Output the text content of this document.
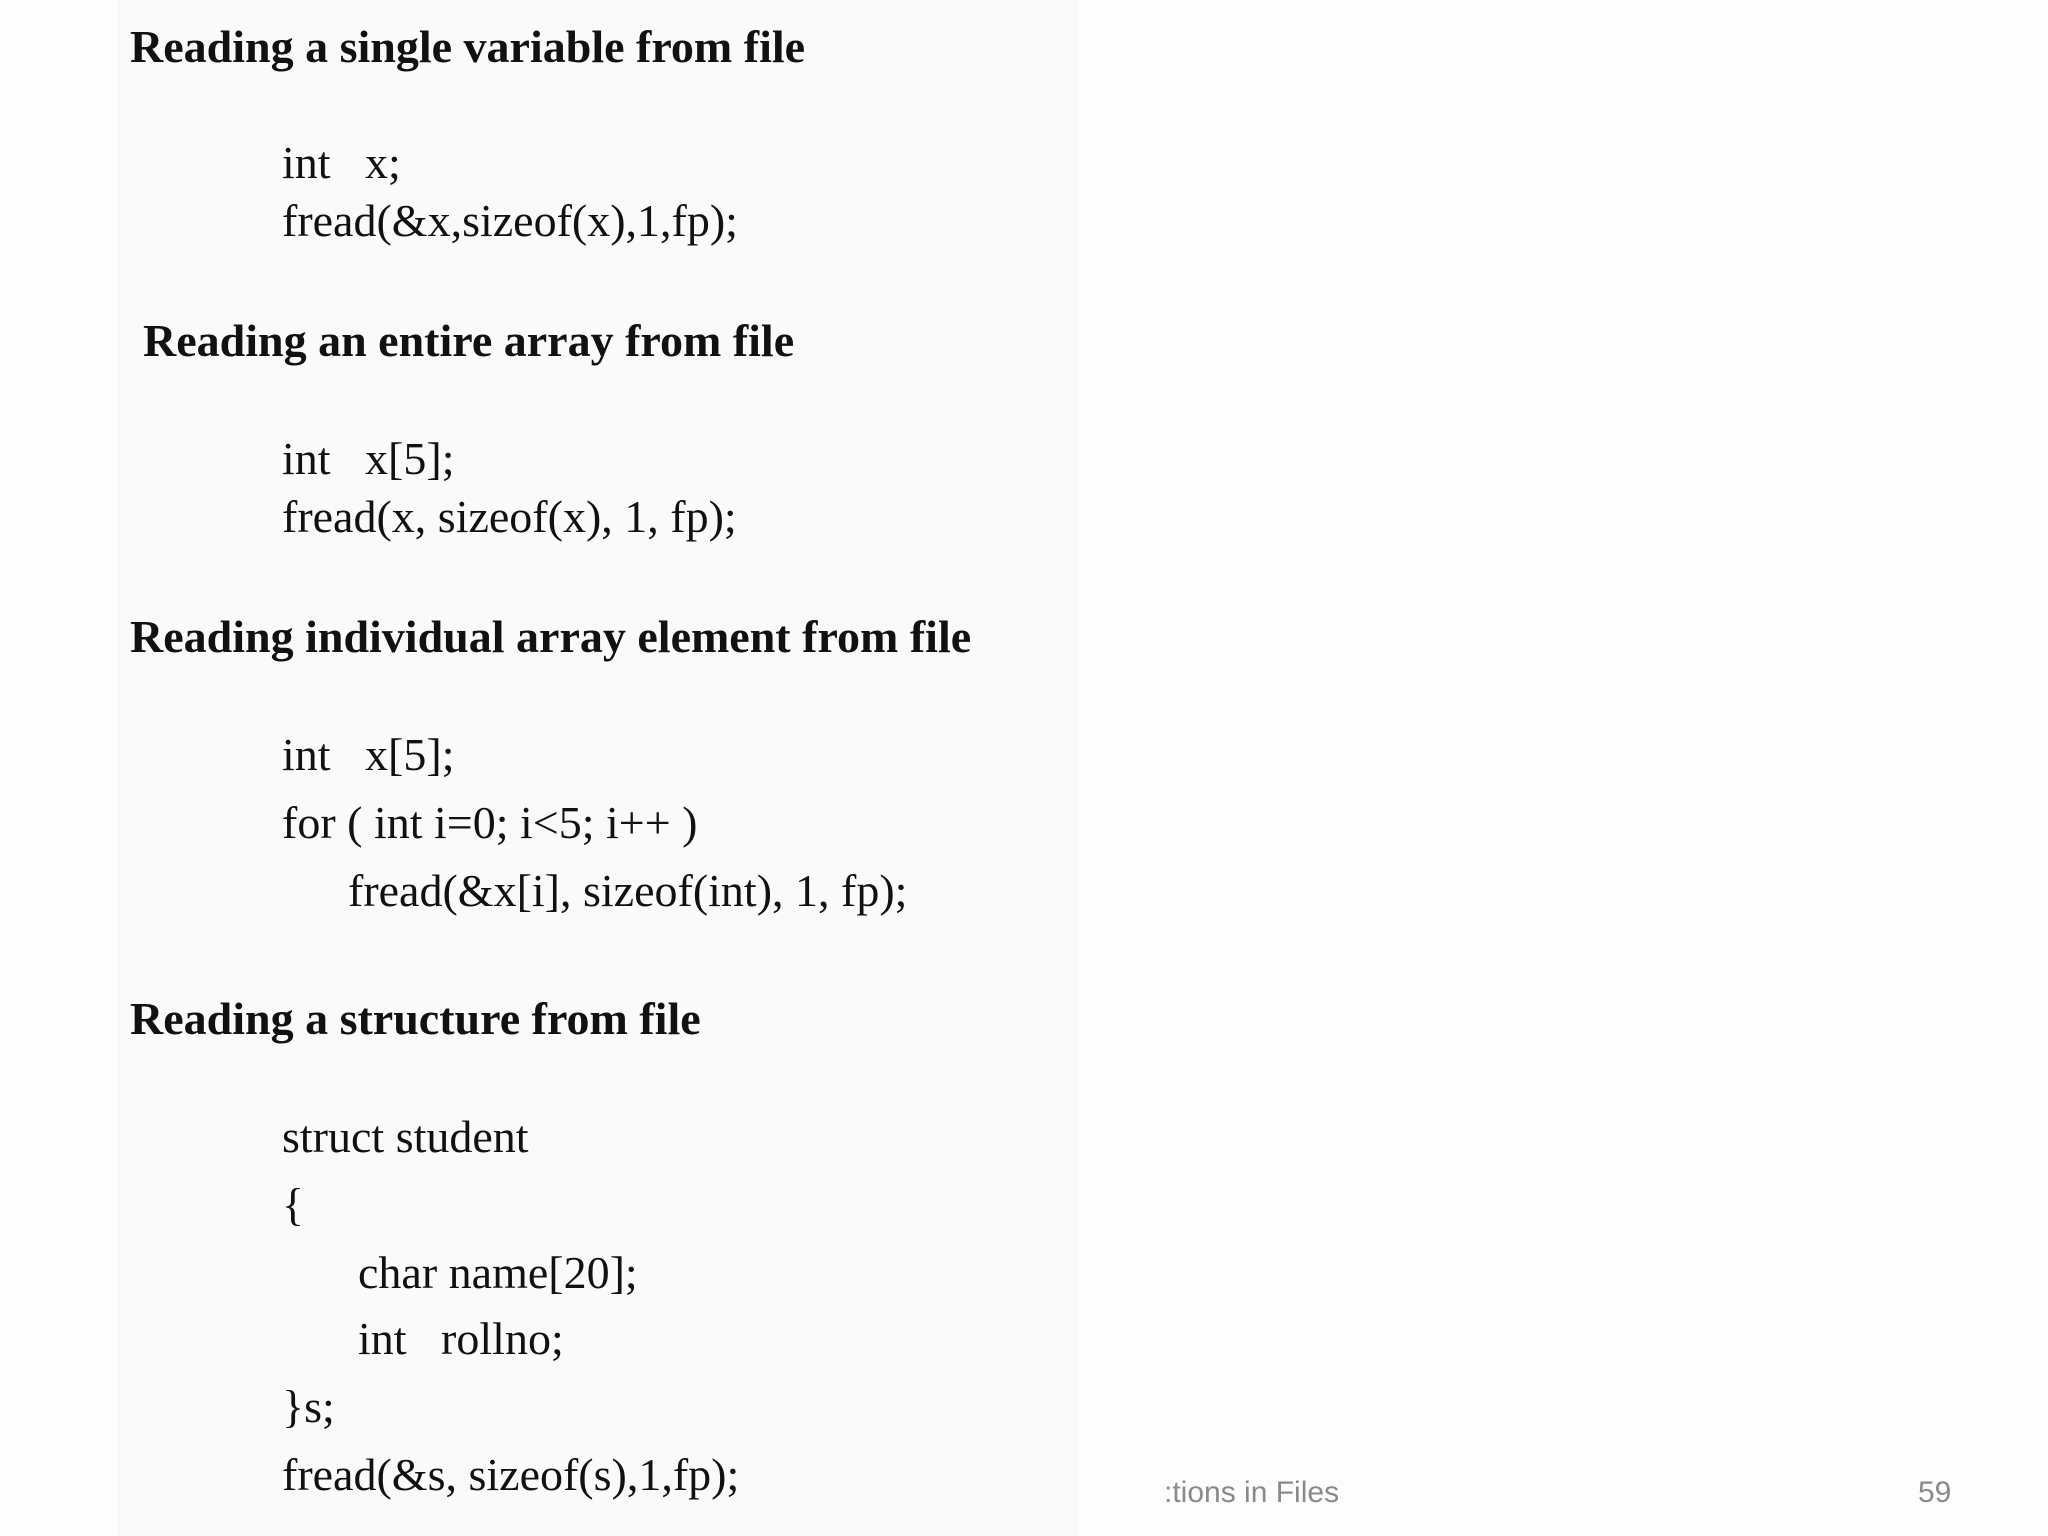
Reading a single variable from file
int   x;
fread(&x,sizeof(x),1,fp);
Reading an entire array from file
int   x[5];
fread(x, sizeof(x), 1, fp);
Reading individual array element from file
int   x[5];
for ( int i=0; i<5; i++ )
fread(&x[i], sizeof(int), 1, fp);
Reading a structure from file
struct student
{
char name[20];
int   rollno;
}s;
fread(&s, sizeof(s),1,fp);	:tions in Files	59
